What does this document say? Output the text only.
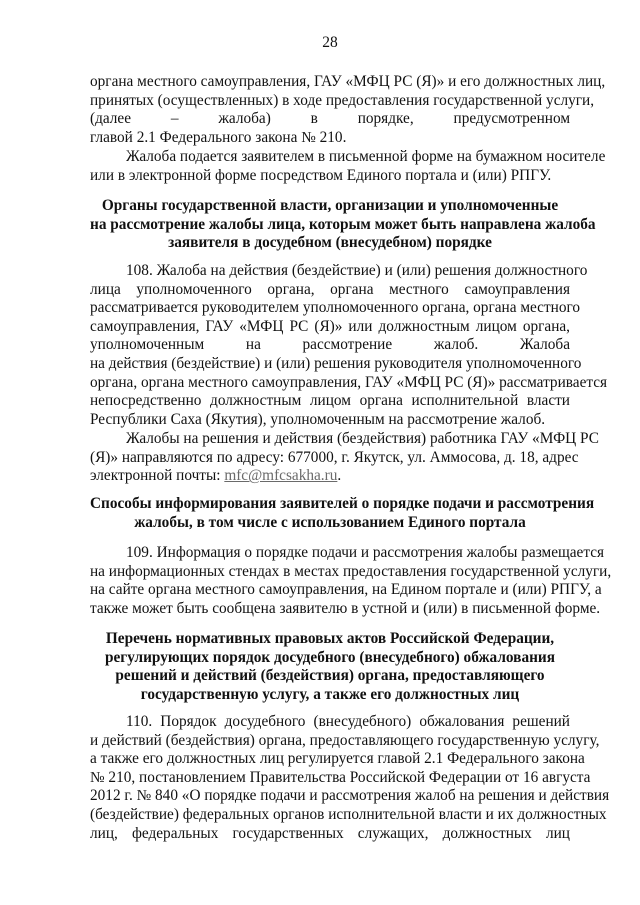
28
органа местного самоуправления, ГАУ «МФЦ РС (Я)» и его должностных лиц,
принятых (осуществленных) в ходе предоставления государственной услуги,
(далее – жалоба) в порядке, предусмотренном
главой 2.1 Федерального закона № 210.
Жалоба подается заявителем в письменной форме на бумажном носителе
или в электронной форме посредством Единого портала и (или) РПГУ.
Органы государственной власти, организации и уполномоченные
на рассмотрение жалобы лица, которым может быть направлена жалоба
заявителя в досудебном (внесудебном) порядке
108. Жалоба на действия (бездействие) и (или) решения должностного
лица уполномоченного органа, органа местного самоуправления
рассматривается руководителем уполномоченного органа, органа местного
самоуправления, ГАУ «МФЦ РС (Я)» или должностным лицом органа,
уполномоченным на рассмотрение жалоб. Жалоба
на действия (бездействие) и (или) решения руководителя уполномоченного
органа, органа местного самоуправления, ГАУ «МФЦ РС (Я)» рассматривается
непосредственно должностным лицом органа исполнительной власти
Республики Саха (Якутия), уполномоченным на рассмотрение жалоб.
Жалобы на решения и действия (бездействия) работника ГАУ «МФЦ РС
(Я)» направляются по адресу: 677000, г. Якутск, ул. Аммосова, д. 18, адрес
электронной почты: mfc@mfcsakha.ru.
Способы информирования заявителей о порядке подачи и рассмотрения
жалобы, в том числе с использованием Единого портала
109. Информация о порядке подачи и рассмотрения жалобы размещается
на информационных стендах в местах предоставления государственной услуги,
на сайте органа местного самоуправления, на Едином портале и (или) РПГУ, а
также может быть сообщена заявителю в устной и (или) в письменной форме.
Перечень нормативных правовых актов Российской Федерации,
регулирующих порядок досудебного (внесудебного) обжалования
решений и действий (бездействия) органа, предоставляющего
государственную услугу, а также его должностных лиц
110. Порядок досудебного (внесудебного) обжалования решений
и действий (бездействия) органа, предоставляющего государственную услугу,
а также его должностных лиц регулируется главой 2.1 Федерального закона
№ 210, постановлением Правительства Российской Федерации от 16 августа
2012 г. № 840 «О порядке подачи и рассмотрения жалоб на решения и действия
(бездействие) федеральных органов исполнительной власти и их должностных
лиц, федеральных государственных служащих, должностных лиц
